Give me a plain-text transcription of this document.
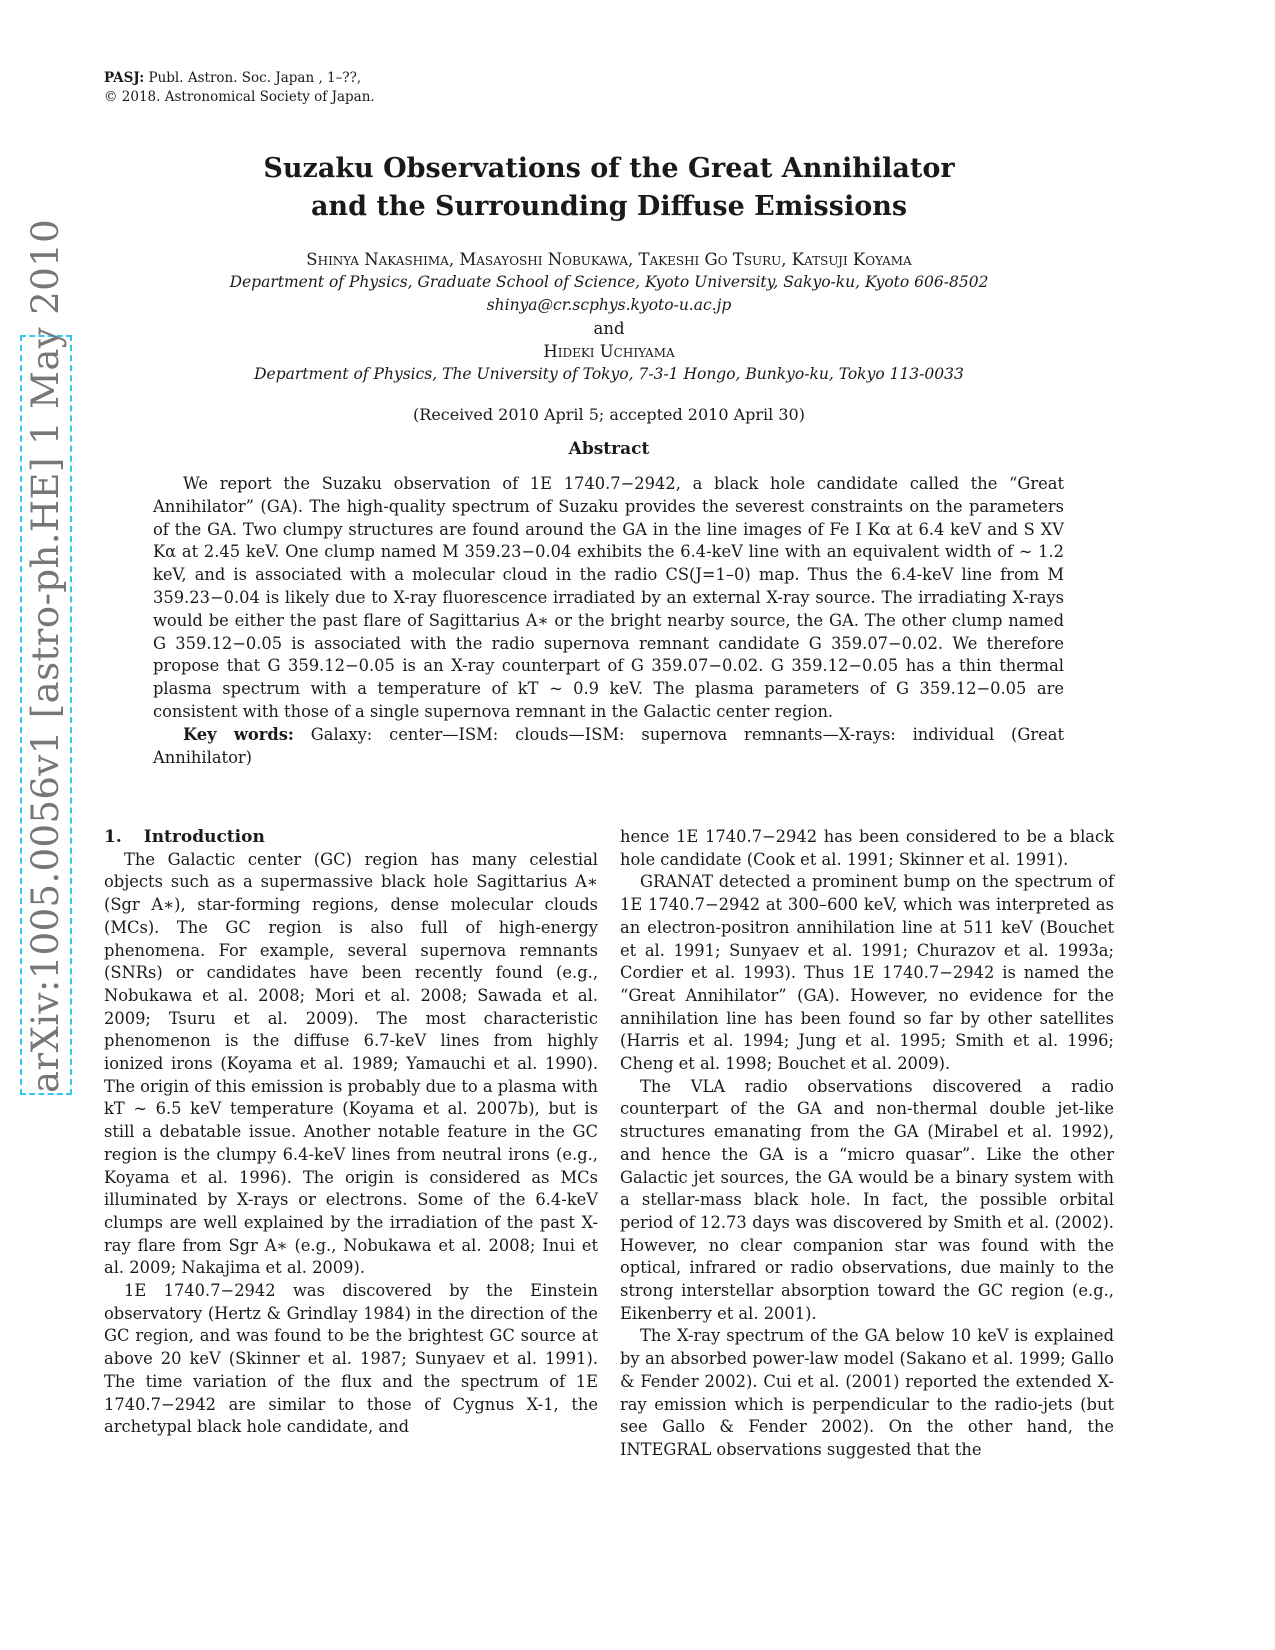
PASJ: Publ. Astron. Soc. Japan , 1–??,
© 2018. Astronomical Society of Japan.
Suzaku Observations of the Great Annihilator
and the Surrounding Diffuse Emissions
Shinya Nakashima, Masayoshi Nobukawa, Takeshi Go Tsuru, Katsuji Koyama
Department of Physics, Graduate School of Science, Kyoto University, Sakyo-ku, Kyoto 606-8502
shinya@cr.scphys.kyoto-u.ac.jp
and
Hideki Uchiyama
Department of Physics, The University of Tokyo, 7-3-1 Hongo, Bunkyo-ku, Tokyo 113-0033
(Received 2010 April 5; accepted 2010 April 30)
Abstract

We report the Suzaku observation of 1E 1740.7−2942, a black hole candidate called the “Great Annihilator” (GA). The high-quality spectrum of Suzaku provides the severest constraints on the parameters of the GA. Two clumpy structures are found around the GA in the line images of Fe I Kα at 6.4 keV and S XV Kα at 2.45 keV. One clump named M 359.23−0.04 exhibits the 6.4-keV line with an equivalent width of ∼ 1.2 keV, and is associated with a molecular cloud in the radio CS(J=1–0) map. Thus the 6.4-keV line from M 359.23−0.04 is likely due to X-ray fluorescence irradiated by an external X-ray source. The irradiating X-rays would be either the past flare of Sagittarius A∗ or the bright nearby source, the GA. The other clump named G 359.12−0.05 is associated with the radio supernova remnant candidate G 359.07−0.02. We therefore propose that G 359.12−0.05 is an X-ray counterpart of G 359.07−0.02. G 359.12−0.05 has a thin thermal plasma spectrum with a temperature of kT ∼ 0.9 keV. The plasma parameters of G 359.12−0.05 are consistent with those of a single supernova remnant in the Galactic center region.

Key words: Galaxy: center—ISM: clouds—ISM: supernova remnants—X-rays: individual (Great Annihilator)

1. Introduction

The Galactic center (GC) region has many celestial objects such as a supermassive black hole Sagittarius A∗ (Sgr A∗), star-forming regions, dense molecular clouds (MCs). The GC region is also full of high-energy phenomena. For example, several supernova remnants (SNRs) or candidates have been recently found (e.g., Nobukawa et al. 2008; Mori et al. 2008; Sawada et al. 2009; Tsuru et al. 2009). The most characteristic phenomenon is the diffuse 6.7-keV lines from highly ionized irons (Koyama et al. 1989; Yamauchi et al. 1990). The origin of this emission is probably due to a plasma with kT ∼ 6.5 keV temperature (Koyama et al. 2007b), but is still a debatable issue. Another notable feature in the GC region is the clumpy 6.4-keV lines from neutral irons (e.g., Koyama et al. 1996). The origin is considered as MCs illuminated by X-rays or electrons. Some of the 6.4-keV clumps are well explained by the irradiation of the past X-ray flare from Sgr A∗ (e.g., Nobukawa et al. 2008; Inui et al. 2009; Nakajima et al. 2009).

1E 1740.7−2942 was discovered by the Einstein observatory (Hertz & Grindlay 1984) in the direction of the GC region, and was found to be the brightest GC source at above 20 keV (Skinner et al. 1987; Sunyaev et al. 1991). The time variation of the flux and the spectrum of 1E 1740.7−2942 are similar to those of Cygnus X-1, the archetypal black hole candidate, and

hence 1E 1740.7−2942 has been considered to be a black hole candidate (Cook et al. 1991; Skinner et al. 1991).

GRANAT detected a prominent bump on the spectrum of 1E 1740.7−2942 at 300–600 keV, which was interpreted as an electron-positron annihilation line at 511 keV (Bouchet et al. 1991; Sunyaev et al. 1991; Churazov et al. 1993a; Cordier et al. 1993). Thus 1E 1740.7−2942 is named the “Great Annihilator” (GA). However, no evidence for the annihilation line has been found so far by other satellites (Harris et al. 1994; Jung et al. 1995; Smith et al. 1996; Cheng et al. 1998; Bouchet et al. 2009).

The VLA radio observations discovered a radio counterpart of the GA and non-thermal double jet-like structures emanating from the GA (Mirabel et al. 1992), and hence the GA is a “micro quasar”. Like the other Galactic jet sources, the GA would be a binary system with a stellar-mass black hole. In fact, the possible orbital period of 12.73 days was discovered by Smith et al. (2002). However, no clear companion star was found with the optical, infrared or radio observations, due mainly to the strong interstellar absorption toward the GC region (e.g., Eikenberry et al. 2001).

The X-ray spectrum of the GA below 10 keV is explained by an absorbed power-law model (Sakano et al. 1999; Gallo & Fender 2002). Cui et al. (2001) reported the extended X-ray emission which is perpendicular to the radio-jets (but see Gallo & Fender 2002). On the other hand, the INTEGRAL observations suggested that the

arXiv:1005.0056v1 [astro-ph.HE] 1 May 2010
